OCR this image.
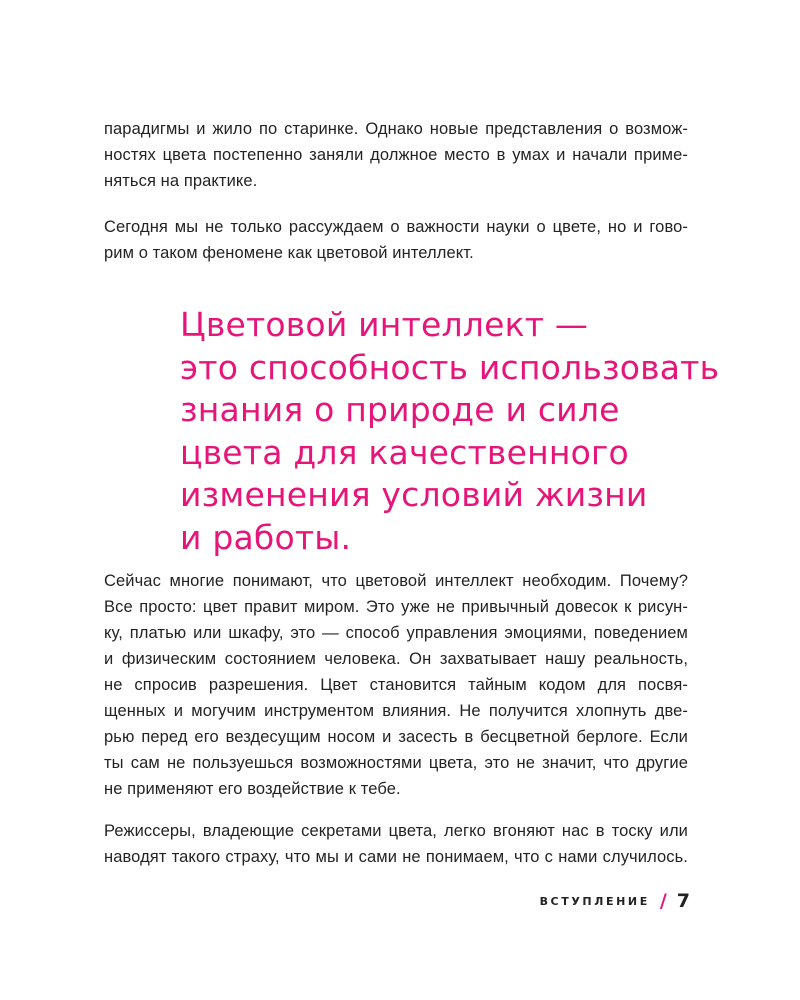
парадигмы и жило по старинке. Однако новые представления о возмож-
ностях цвета постепенно заняли должное место в умах и начали приме-
няться на практике.

Сегодня мы не только рассуждаем о важности науки о цвете, но и гово-
рим о таком феномене как цветовой интеллект.

Цветовой интеллект —
это способность использовать
знания о природе и силе
цвета для качественного
изменения условий жизни
и работы.

Сейчас многие понимают, что цветовой интеллект необходим. Почему?
Все просто: цвет правит миром. Это уже не привычный довесок к рисун-
ку, платью или шкафу, это — способ управления эмоциями, поведением
и физическим состоянием человека. Он захватывает нашу реальность,
не спросив разрешения. Цвет становится тайным кодом для посвя-
щенных и могучим инструментом влияния. Не получится хлопнуть две-
рью перед его вездесущим носом и засесть в бесцветной берлоге. Если
ты сам не пользуешься возможностями цвета, это не значит, что другие
не применяют его воздействие к тебе.

Режиссеры, владеющие секретами цвета, легко вгоняют нас в тоску или
наводят такого страху, что мы и сами не понимаем, что с нами случилось.

ВСТУПЛЕНИЕ / 7
